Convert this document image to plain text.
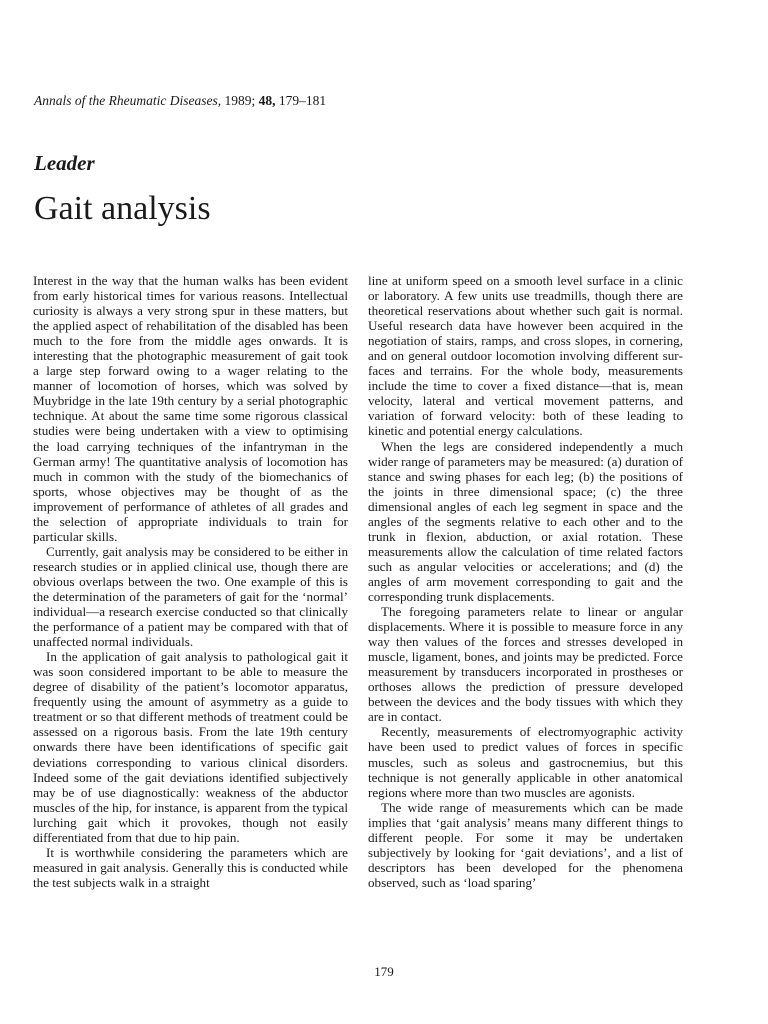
Annals of the Rheumatic Diseases, 1989; 48, 179–181
Leader
Gait analysis

Interest in the way that the human walks has been evident from early historical times for various reasons. Intellectual curiosity is always a very strong spur in these matters, but the applied aspect of rehabilitation of the disabled has been much to the fore from the middle ages onwards. It is interesting that the photographic measurement of gait took a large step forward owing to a wager relating to the manner of locomotion of horses, which was solved by Muybridge in the late 19th century by a serial photographic technique. At about the same time some rigorous classical studies were being undertaken with a view to optimising the load carrying techniques of the infantryman in the German army! The quantitative analysis of locomotion has much in common with the study of the biomechanics of sports, whose objectives may be thought of as the improvement of performance of athletes of all grades and the selection of appropriate individuals to train for particular skills.

Currently, gait analysis may be considered to be either in research studies or in applied clinical use, though there are obvious overlaps between the two. One example of this is the determination of the parameters of gait for the ‘normal’ individual—a research exercise conducted so that clinically the performance of a patient may be compared with that of unaffected normal individuals.

In the application of gait analysis to pathological gait it was soon considered important to be able to measure the degree of disability of the patient’s locomotor apparatus, frequently using the amount of asymmetry as a guide to treatment or so that different methods of treatment could be assessed on a rigorous basis. From the late 19th century onwards there have been identifications of specific gait deviations corresponding to various clinical disorders. Indeed some of the gait deviations identified subjectively may be of use diagnostically: weakness of the abductor muscles of the hip, for instance, is apparent from the typical lurching gait which it provokes, though not easily differentiated from that due to hip pain.

It is worthwhile considering the parameters which are measured in gait analysis. Generally this is conducted while the test subjects walk in a straight

line at uniform speed on a smooth level surface in a clinic or laboratory. A few units use treadmills, though there are theoretical reservations about whether such gait is normal. Useful research data have however been acquired in the negotiation of stairs, ramps, and cross slopes, in cornering, and on general outdoor locomotion involving different surfaces and terrains. For the whole body, measurements include the time to cover a fixed distance—that is, mean velocity, lateral and vertical movement patterns, and variation of forward velocity: both of these leading to kinetic and potential energy calculations.

When the legs are considered independently a much wider range of parameters may be measured: (a) duration of stance and swing phases for each leg; (b) the positions of the joints in three dimensional space; (c) the three dimensional angles of each leg segment in space and the angles of the segments relative to each other and to the trunk in flexion, abduction, or axial rotation. These measurements allow the calculation of time related factors such as angular velocities or accelerations; and (d) the angles of arm movement corresponding to gait and the corresponding trunk displacements.

The foregoing parameters relate to linear or angular displacements. Where it is possible to measure force in any way then values of the forces and stresses developed in muscle, ligament, bones, and joints may be predicted. Force measurement by transducers incorporated in prostheses or orthoses allows the prediction of pressure developed between the devices and the body tissues with which they are in contact.

Recently, measurements of electromyographic activity have been used to predict values of forces in specific muscles, such as soleus and gastrocnemius, but this technique is not generally applicable in other anatomical regions where more than two muscles are agonists.

The wide range of measurements which can be made implies that ‘gait analysis’ means many different things to different people. For some it may be undertaken subjectively by looking for ‘gait deviations’, and a list of descriptors has been developed for the phenomena observed, such as ‘load sparing’

179
